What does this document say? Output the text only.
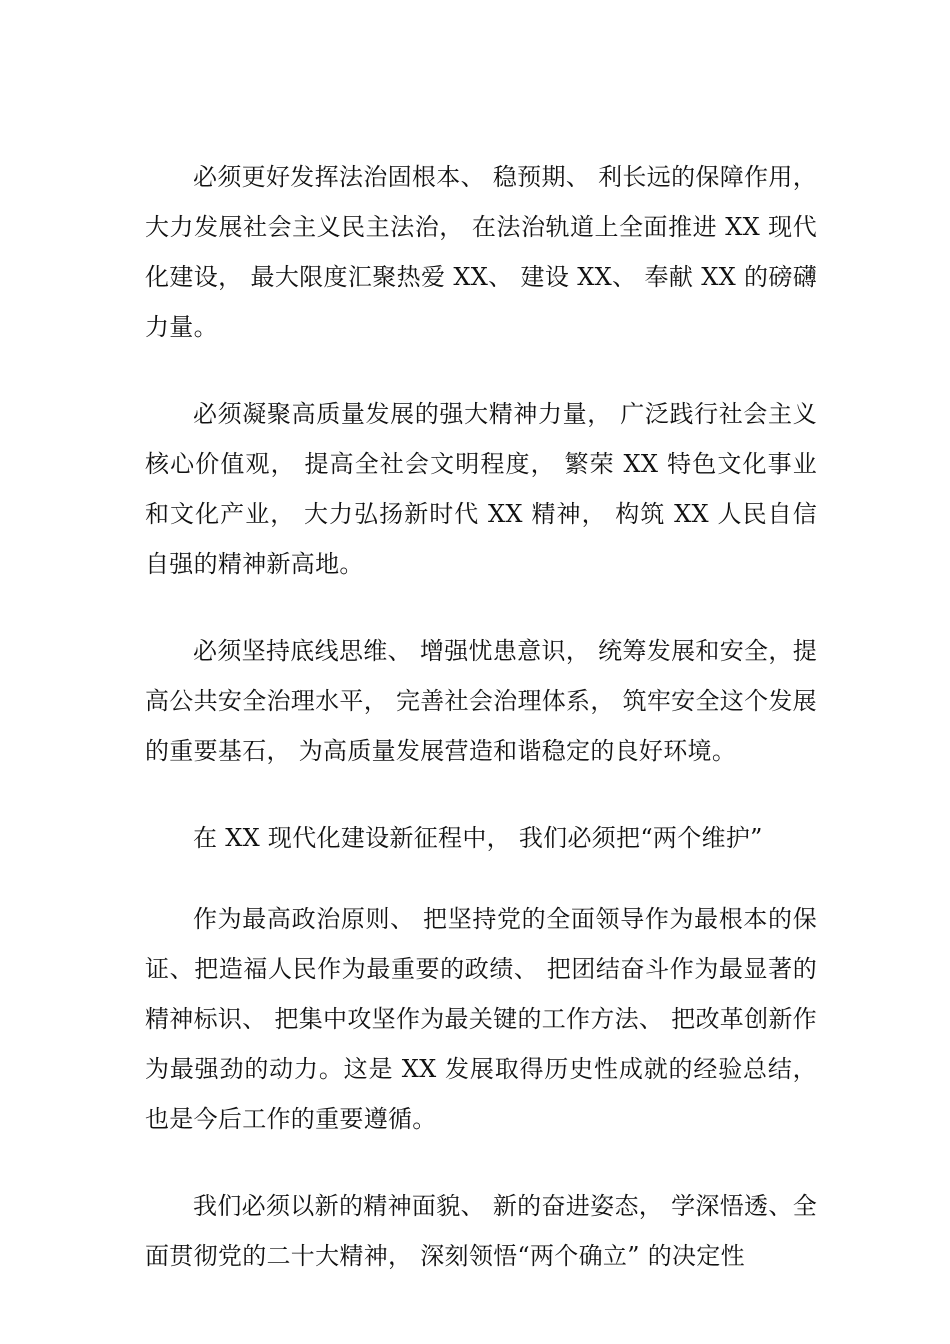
必须更好发挥法治固根本、 稳预期、 利长远的保障作用，大力发展社会主义民主法治， 在法治轨道上全面推进 XX 现代化建设， 最大限度汇聚热爱 XX、 建设 XX、 奉献 XX 的磅礴力量。

必须凝聚高质量发展的强大精神力量， 广泛践行社会主义核心价值观， 提高全社会文明程度， 繁荣 XX 特色文化事业和文化产业， 大力弘扬新时代 XX 精神， 构筑 XX 人民自信自强的精神新高地。

必须坚持底线思维、 增强忧患意识， 统筹发展和安全，提高公共安全治理水平， 完善社会治理体系， 筑牢安全这个发展的重要基石， 为高质量发展营造和谐稳定的良好环境。

在 XX 现代化建设新征程中， 我们必须把“两个维护”

作为最高政治原则、 把坚持党的全面领导作为最根本的保证、把造福人民作为最重要的政绩、 把团结奋斗作为最显著的精神标识、 把集中攻坚作为最关键的工作方法、 把改革创新作为最强劲的动力。这是 XX 发展取得历史性成就的经验总结，也是今后工作的重要遵循。

我们必须以新的精神面貌、 新的奋进姿态， 学深悟透、全面贯彻党的二十大精神， 深刻领悟“两个确立” 的决定性
